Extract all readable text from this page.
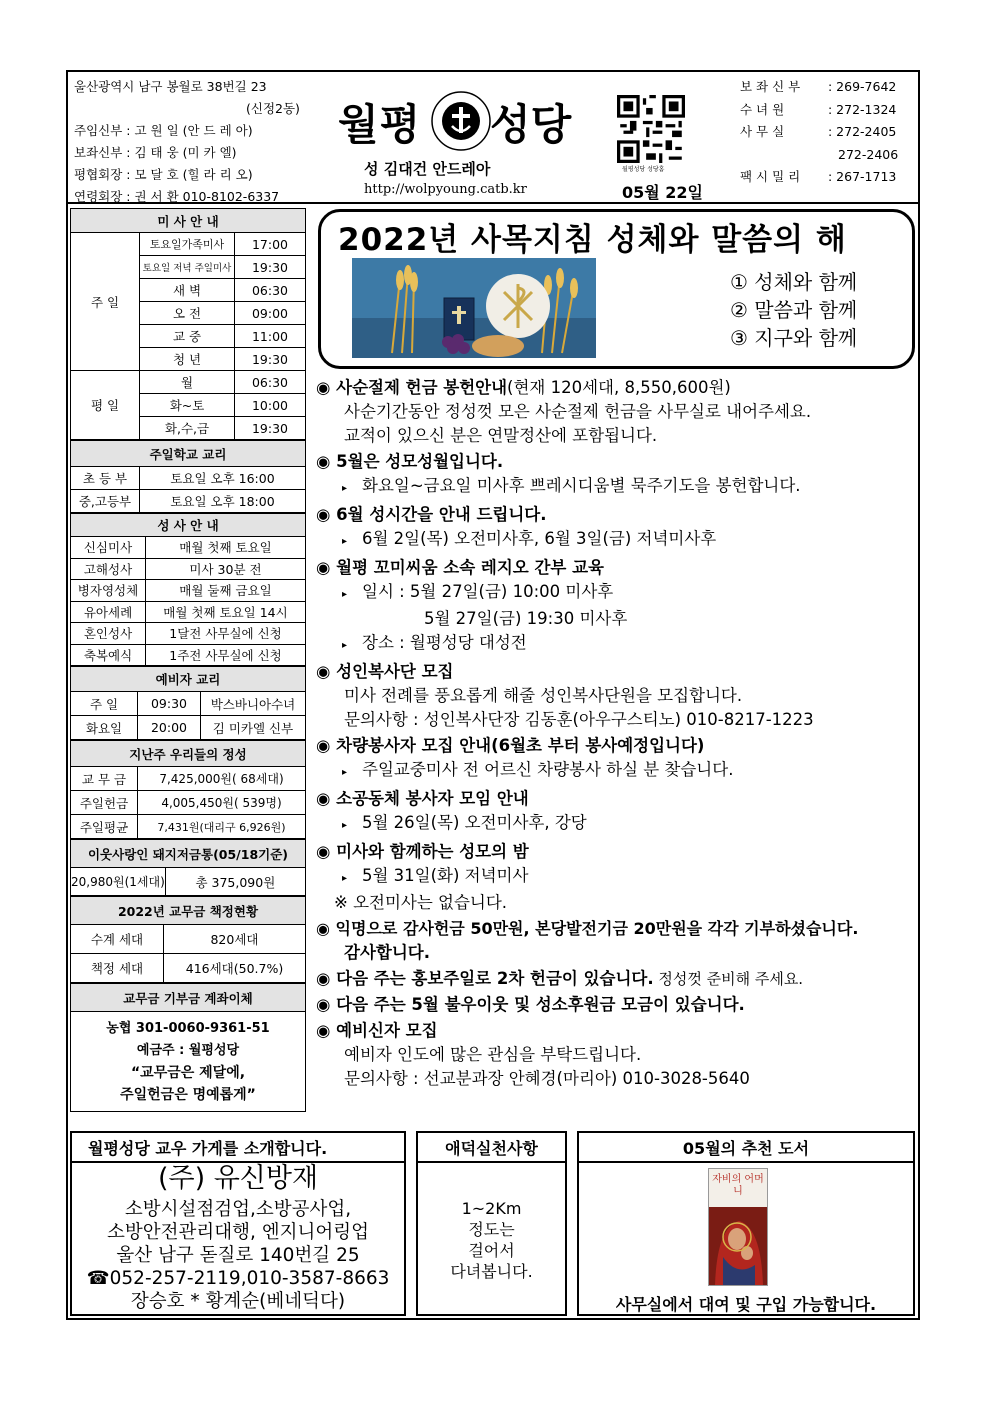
울산광역시 남구 봉월로 38번길 23
(신정2동)
주임신부 : 고 원 일 (안 드 레 아)
보좌신부 : 김 태 웅 (미 카 엘)
평협회장 : 모 달 호 (힐 라 리 오)
연령회장 : 권 서 환 010-8102-6337
월평 성당
성 김대건 안드레아
http://wolpyoung.catb.kr	05월 22일
월평성당 성당홈
보 좌 신 부	: 269-7642
수 녀 원	: 272-1324
사 무 실	: 272-2405
272-2406
팩 시 밀 리	: 267-1713
미 사 안 내		
주 일	토요일가족미사	17:00
	토요일 저녁 주일미사	19:30
	새 벽	06:30
	오 전	09:00
	교 중	11:00
	청 년	19:30
평 일	월	06:30
	화~토	10:00
	화,수,금	19:30
주일학교 교리	
초 등 부	토요일 오후 16:00
중,고등부	토요일 오후 18:00
성 사 안 내	
신심미사	매월 첫째 토요일
고해성사	미사 30분 전
병자영성체	매월 둘째 금요일
유아세례	매월 첫째 토요일 14시
혼인성사	1달전 사무실에 신청
축복예식	1주전 사무실에 신청
예비자 교리		
주 일	09:30	박스바니아수녀
화요일	20:00	김 미카엘 신부
지난주 우리들의 정성	
교 무 금	7,425,000원( 68세대)
주일헌금	4,005,450원( 539명)
주일평균	7,431원(대리구 6,926원)
이웃사랑인 돼지저금통(05/18기준)
20,980원(1세대)	총 375,090원
2022년 교무금 책정현황	
수계 세대	820세대
책정 세대	416세대(50.7%)
교무금 기부금 계좌이체

농협 301-0060-9361-51
예금주 : 월평성당
“교무금은 제달에,
주일헌금은 명예롭게”
2022년 사목지침 성체와 말씀의 해
① 성체와 함께
② 말씀과 함께
③ 지구와 함께
◉ 사순절제 헌금 봉헌안내(현재 120세대, 8,550,600원)
사순기간동안 정성껏 모은 사순절제 헌금을 사무실로 내어주세요.
교적이 있으신 분은 연말정산에 포함됩니다.
◉ 5월은 성모성월입니다.
▸ 화요일~금요일 미사후 쁘레시디움별 묵주기도을 봉헌합니다.
◉ 6월 성시간을 안내 드립니다.
▸ 6월 2일(목) 오전미사후, 6월 3일(금) 저녁미사후
◉ 월평 꼬미씨움 소속 레지오 간부 교육
▸ 일시 : 5월 27일(금) 10:00 미사후
5월 27일(금) 19:30 미사후
▸ 장소 : 월평성당 대성전
◉ 성인복사단 모집
미사 전례를 풍요롭게 해줄 성인복사단원을 모집합니다.
문의사항 : 성인복사단장 김동훈(아우구스티노) 010-8217-1223
◉ 차량봉사자 모집 안내(6월초 부터 봉사예정입니다)
▸ 주일교중미사 전 어르신 차량봉사 하실 분 찾습니다.
◉ 소공동체 봉사자 모임 안내
▸ 5월 26일(목) 오전미사후, 강당
◉ 미사와 함께하는 성모의 밤
▸ 5월 31일(화) 저녁미사
※ 오전미사는 없습니다.
◉ 익명으로 감사헌금 50만원, 본당발전기금 20만원을 각각 기부하셨습니다.
감사합니다.
◉ 다음 주는 홍보주일로 2차 헌금이 있습니다. 정성껏 준비해 주세요.
◉ 다음 주는 5월 불우이웃 및 성소후원금 모금이 있습니다.
◉ 예비신자 모집
예비자 인도에 많은 관심을 부탁드립니다.
문의사항 : 선교분과장 안혜경(마리아) 010-3028-5640
월평성당 교우 가게를 소개합니다.
(주) 유신방재
소방시설점검업,소방공사업,
소방안전관리대행, 엔지니어링업
울산 남구 돋질로 140번길 25
☎052-257-2119,010-3587-8663
장승호 * 황계순(베네딕다)
애덕실천사항
1~2Km
정도는
걸어서
다녀봅니다.
05월의 추천 도서
자비의 어머니
사무실에서 대여 및 구입 가능합니다.
